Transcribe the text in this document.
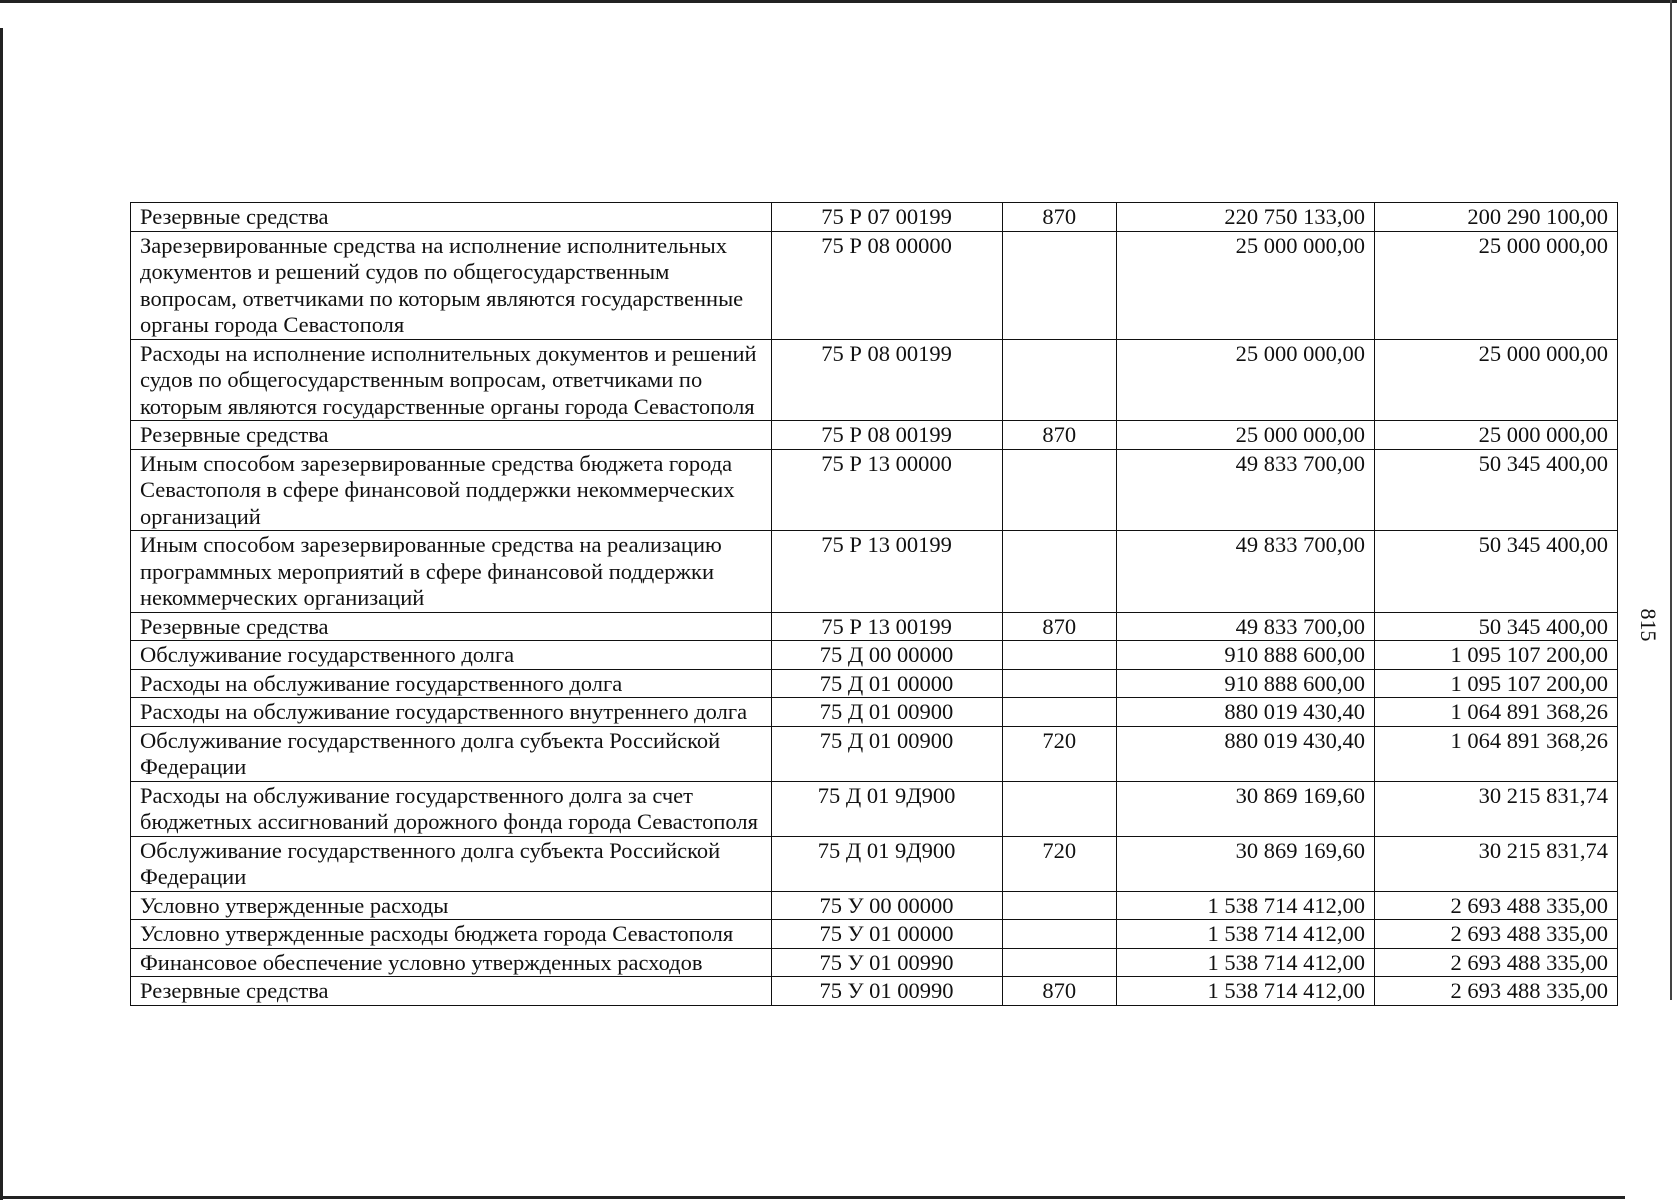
Резервные средства	75 Р 07 00199	870	220 750 133,00	200 290 100,00
Зарезервированные средства на исполнение исполнительных документов и решений судов по общегосударственным вопросам, ответчиками по которым являются государственные органы города Севастополя	75 Р 08 00000		25 000 000,00	25 000 000,00
Расходы на исполнение исполнительных документов и решений судов по общегосударственным вопросам, ответчиками по которым являются государственные органы города Севастополя	75 Р 08 00199		25 000 000,00	25 000 000,00
Резервные средства	75 Р 08 00199	870	25 000 000,00	25 000 000,00
Иным способом зарезервированные средства бюджета города Севастополя в сфере финансовой поддержки некоммерческих организаций	75 Р 13 00000		49 833 700,00	50 345 400,00
Иным способом зарезервированные средства на реализацию программных мероприятий в сфере финансовой поддержки некоммерческих организаций	75 Р 13 00199		49 833 700,00	50 345 400,00
Резервные средства	75 Р 13 00199	870	49 833 700,00	50 345 400,00
Обслуживание государственного долга	75 Д 00 00000		910 888 600,00	1 095 107 200,00
Расходы на обслуживание государственного долга	75 Д 01 00000		910 888 600,00	1 095 107 200,00
Расходы на обслуживание государственного внутреннего долга	75 Д 01 00900		880 019 430,40	1 064 891 368,26
Обслуживание государственного долга субъекта Российской Федерации	75 Д 01 00900	720	880 019 430,40	1 064 891 368,26
Расходы на обслуживание государственного долга за счет бюджетных ассигнований дорожного фонда города Севастополя	75 Д 01 9Д900		30 869 169,60	30 215 831,74
Обслуживание государственного долга субъекта Российской Федерации	75 Д 01 9Д900	720	30 869 169,60	30 215 831,74
Условно утвержденные расходы	75 У 00 00000		1 538 714 412,00	2 693 488 335,00
Условно утвержденные расходы бюджета города Севастополя	75 У 01 00000		1 538 714 412,00	2 693 488 335,00
Финансовое обеспечение условно утвержденных расходов	75 У 01 00990		1 538 714 412,00	2 693 488 335,00
Резервные средства	75 У 01 00990	870	1 538 714 412,00	2 693 488 335,00
815
